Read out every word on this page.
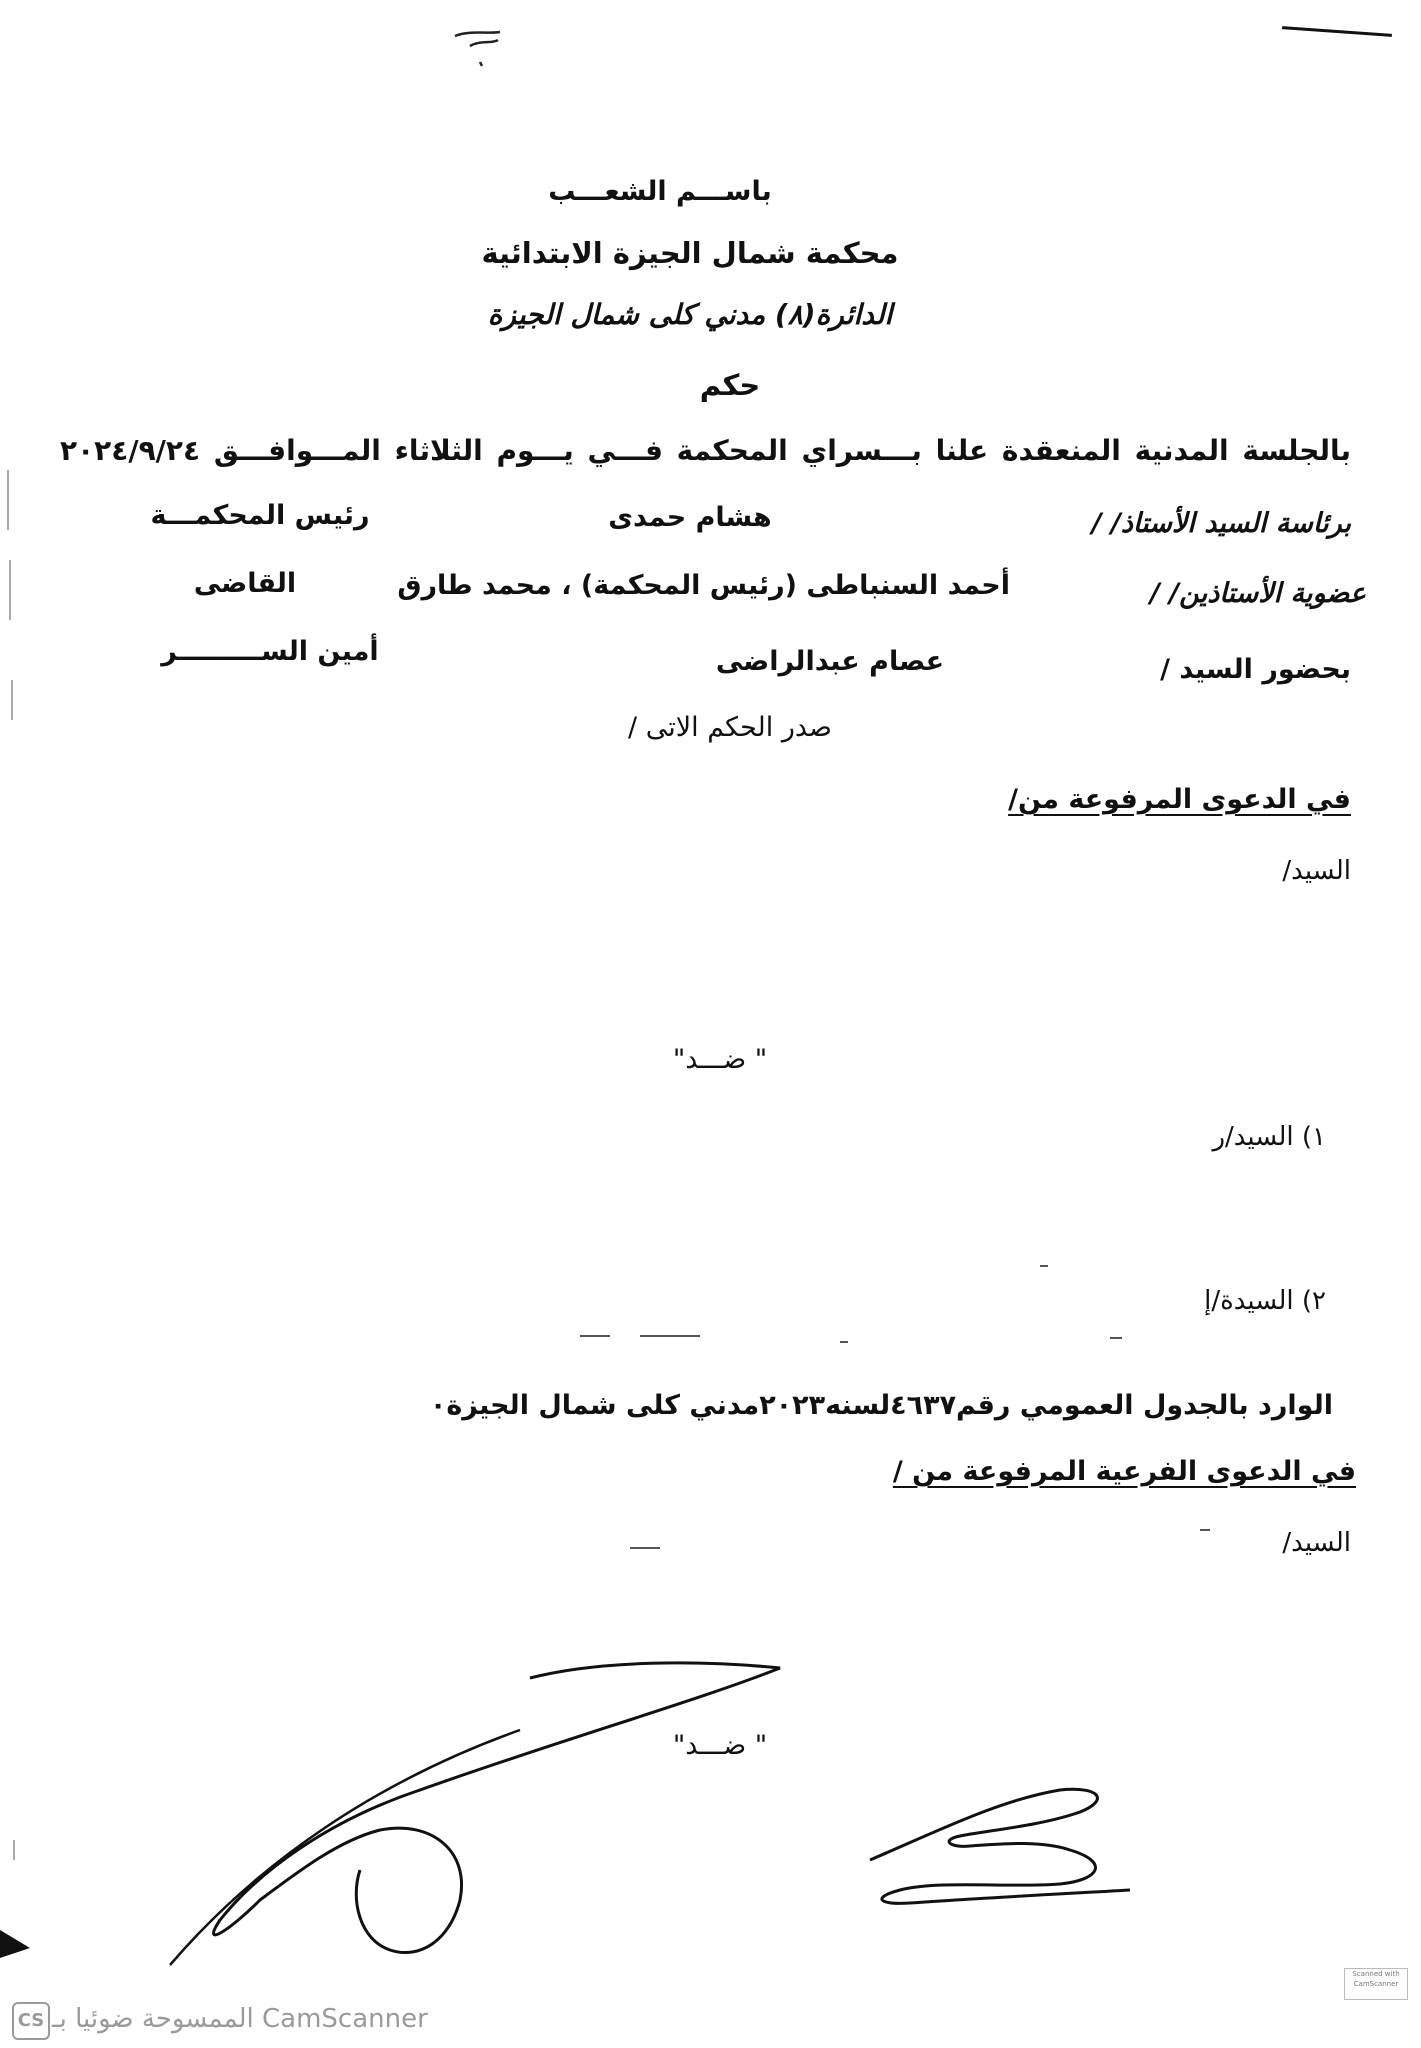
باســـم الشعـــب
محكمة شمال الجيزة الابتدائية
الدائرة(٨) مدني كلى شمال الجيزة
حكم
بالجلسة المدنية المنعقدة علنا بـــسراي المحكمة فـــي يـــوم الثلاثاء المـــوافـــق ٢٠٢٤/٩/٢٤
برئاسة السيد الأستاذ/ /
هشام حمدى
رئيس المحكمـــة
عضوية الأستاذين/ /
أحمد السنباطى (رئيس المحكمة) ، محمد طارق
القاضى
بحضور السيد /
عصام عبدالراضى
أمين الســـــــــر
صدر الحكم الاتى /
في الدعوى المرفوعة من/
السيد/
" ضـــد"
١) السيد/ر
٢) السيدة/إ
الوارد بالجدول العمومي رقم٤٦٣٧لسنه٢٠٢٣مدني كلى شمال الجيزة٠
في الدعوى الفرعية المرفوعة من /
السيد/
" ضـــد"
Scanned with CamScanner
CS الممسوحة ضوئيا بـ CamScanner
